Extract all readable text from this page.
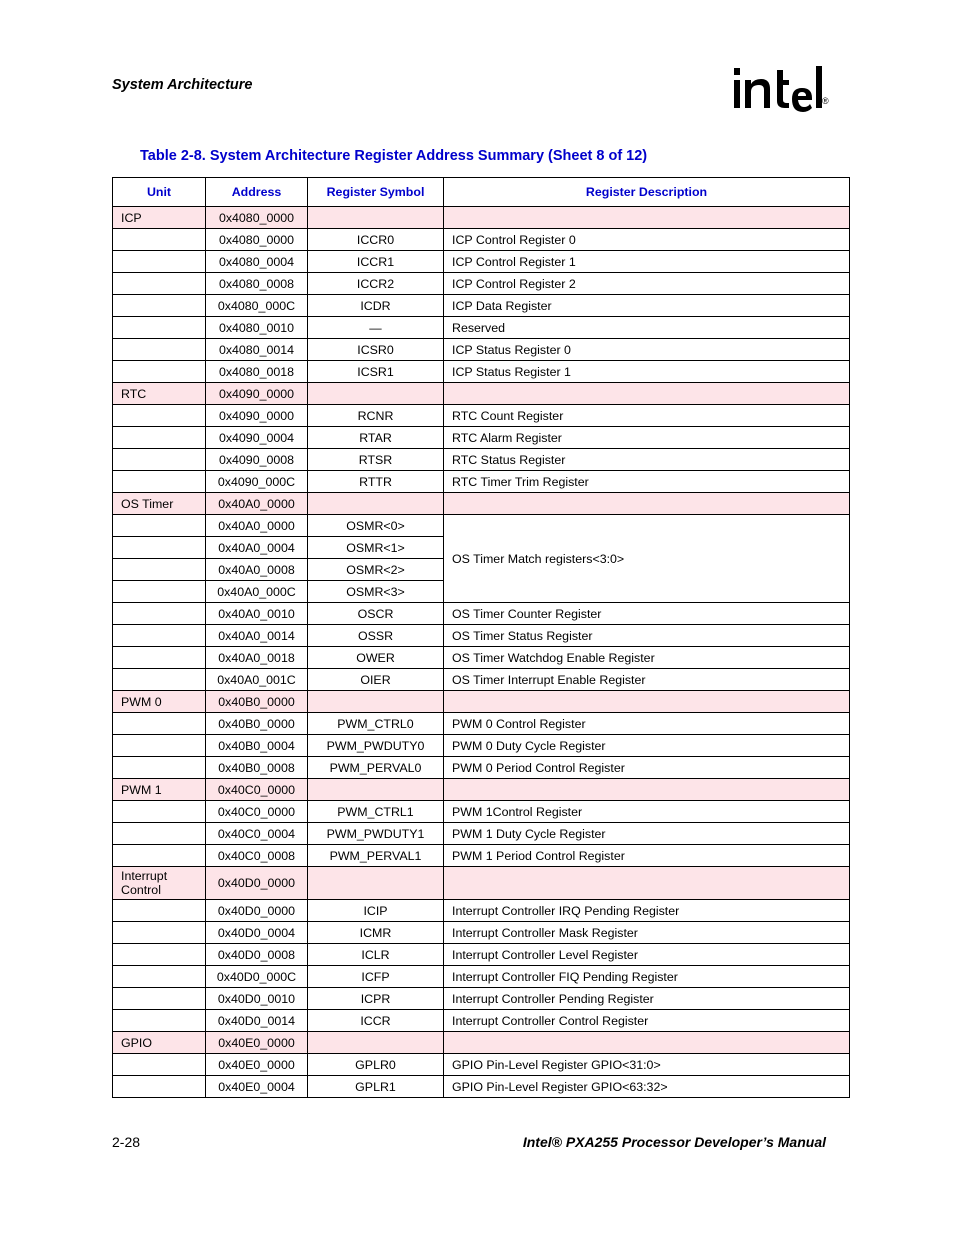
System Architecture
®
Table 2-8. System Architecture Register Address Summary (Sheet 8 of 12)
Unit	Address	Register Symbol	Register Description
ICP	0x4080_0000		
	0x4080_0000	ICCR0	ICP Control Register 0
	0x4080_0004	ICCR1	ICP Control Register 1
	0x4080_0008	ICCR2	ICP Control Register 2
	0x4080_000C	ICDR	ICP Data Register
	0x4080_0010	—	Reserved
	0x4080_0014	ICSR0	ICP Status Register 0
	0x4080_0018	ICSR1	ICP Status Register 1
RTC	0x4090_0000		
	0x4090_0000	RCNR	RTC Count Register
	0x4090_0004	RTAR	RTC Alarm Register
	0x4090_0008	RTSR	RTC Status Register
	0x4090_000C	RTTR	RTC Timer Trim Register
OS Timer	0x40A0_0000		
	0x40A0_0000	OSMR<0>	OS Timer Match registers<3:0>
	0x40A0_0004	OSMR<1>	
	0x40A0_0008	OSMR<2>	
	0x40A0_000C	OSMR<3>	
	0x40A0_0010	OSCR	OS Timer Counter Register
	0x40A0_0014	OSSR	OS Timer Status Register
	0x40A0_0018	OWER	OS Timer Watchdog Enable Register
	0x40A0_001C	OIER	OS Timer Interrupt Enable Register
PWM 0	0x40B0_0000		
	0x40B0_0000	PWM_CTRL0	PWM 0 Control Register
	0x40B0_0004	PWM_PWDUTY0	PWM 0 Duty Cycle Register
	0x40B0_0008	PWM_PERVAL0	PWM 0 Period Control Register
PWM 1	0x40C0_0000		
	0x40C0_0000	PWM_CTRL1	PWM 1Control Register
	0x40C0_0004	PWM_PWDUTY1	PWM 1 Duty Cycle Register
	0x40C0_0008	PWM_PERVAL1	PWM 1 Period Control Register
Interrupt Control	0x40D0_0000		
	0x40D0_0000	ICIP	Interrupt Controller IRQ Pending Register
	0x40D0_0004	ICMR	Interrupt Controller Mask Register
	0x40D0_0008	ICLR	Interrupt Controller Level Register
	0x40D0_000C	ICFP	Interrupt Controller FIQ Pending Register
	0x40D0_0010	ICPR	Interrupt Controller Pending Register
	0x40D0_0014	ICCR	Interrupt Controller Control Register
GPIO	0x40E0_0000		
	0x40E0_0000	GPLR0	GPIO Pin-Level Register GPIO<31:0>
	0x40E0_0004	GPLR1	GPIO Pin-Level Register GPIO<63:32>
2-28	Intel® PXA255 Processor Developer’s Manual
